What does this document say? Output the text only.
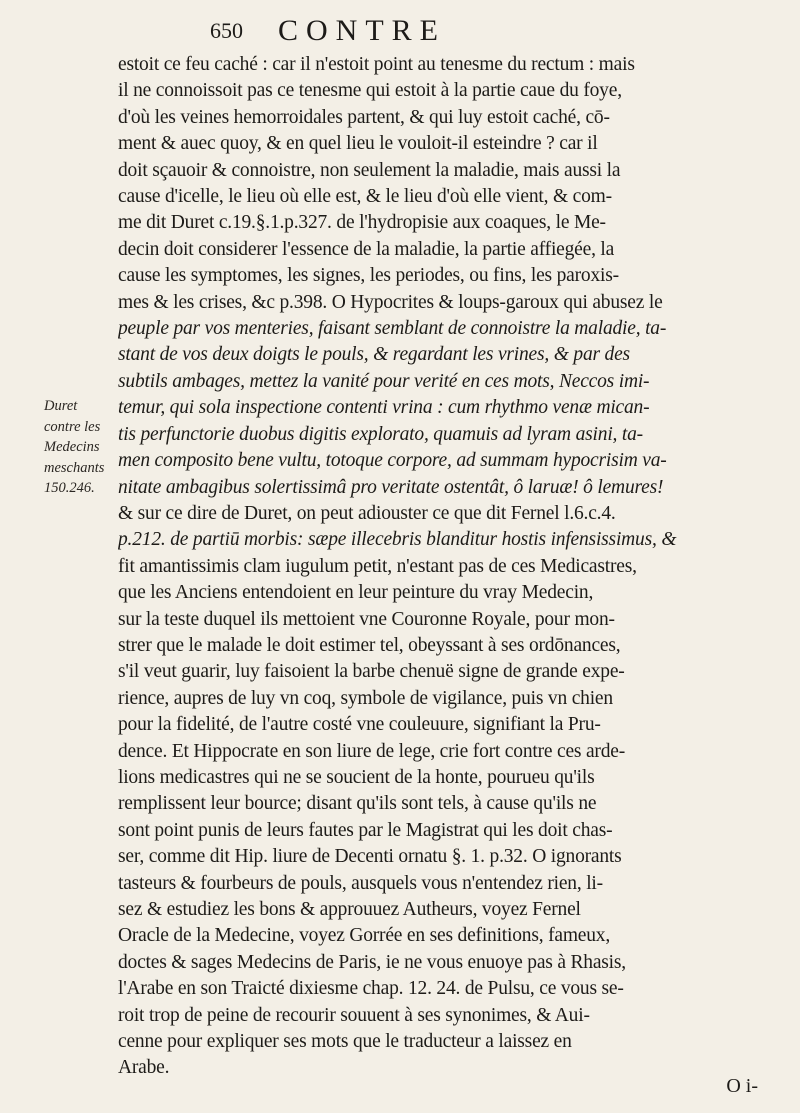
650 CONTRE
Duret
contre les
Medecins
meschants
150.246.
estoit ce feu caché : car il n'estoit point au tenesme du rectum : mais
il ne connoissoit pas ce tenesme qui estoit à la partie caue du foye,
d'où les veines hemorroidales partent, & qui luy estoit caché, cō-
ment & auec quoy, & en quel lieu le vouloit-il esteindre ? car il
doit sçauoir & connoistre, non seulement la maladie, mais aussi la
cause d'icelle, le lieu où elle est, & le lieu d'où elle vient, & com-
me dit Duret c.19.§.1.p.327. de l'hydropisie aux coaques, le Me-
decin doit considerer l'essence de la maladie, la partie affiegée, la
cause les symptomes, les signes, les periodes, ou fins, les paroxis-
mes & les crises, &c p.398. O Hypocrites & loups-garoux qui abusez le
peuple par vos menteries, faisant semblant de connoistre la maladie, ta-
stant de vos deux doigts le pouls, & regardant les vrines, & par des
subtils ambages, mettez la vanité pour verité en ces mots, Neccos imi-
temur, qui sola inspectione contenti vrina : cum rhythmo venæ mican-
tis perfunctorie duobus digitis explorato, quamuis ad lyram asini, ta-
men composito bene vultu, totoque corpore, ad summam hypocrisim va-
nitate ambagibus solertissimâ pro veritate ostentât, ô laruæ! ô lemures!
& sur ce dire de Duret, on peut adiouster ce que dit Fernel l.6.c.4.
p.212. de partiū morbis: sæpe illecebris blanditur hostis infensissimus, &
fit amantissimis clam iugulum petit, n'estant pas de ces Medicastres,
que les Anciens entendoient en leur peinture du vray Medecin,
sur la teste duquel ils mettoient vne Couronne Royale, pour mon-
strer que le malade le doit estimer tel, obeyssant à ses ordōnances,
s'il veut guarir, luy faisoient la barbe chenuë signe de grande expe-
rience, aupres de luy vn coq, symbole de vigilance, puis vn chien
pour la fidelité, de l'autre costé vne couleuure, signifiant la Pru-
dence. Et Hippocrate en son liure de lege, crie fort contre ces arde-
lions medicastres qui ne se soucient de la honte, pourueu qu'ils
remplissent leur bource; disant qu'ils sont tels, à cause qu'ils ne
sont point punis de leurs fautes par le Magistrat qui les doit chas-
ser, comme dit Hip. liure de Decenti ornatu §. 1. p.32. O ignorants
tasteurs & fourbeurs de pouls, ausquels vous n'entendez rien, li-
sez & estudiez les bons & approuuez Autheurs, voyez Fernel
Oracle de la Medecine, voyez Gorrée en ses definitions, fameux,
doctes & sages Medecins de Paris, ie ne vous enuoye pas à Rhasis,
l'Arabe en son Traicté dixiesme chap. 12. 24. de Pulsu, ce vous se-
roit trop de peine de recourir souuent à ses synonimes, & Aui-
cenne pour expliquer ses mots que le traducteur a laissez en
Arabe.
O i-
